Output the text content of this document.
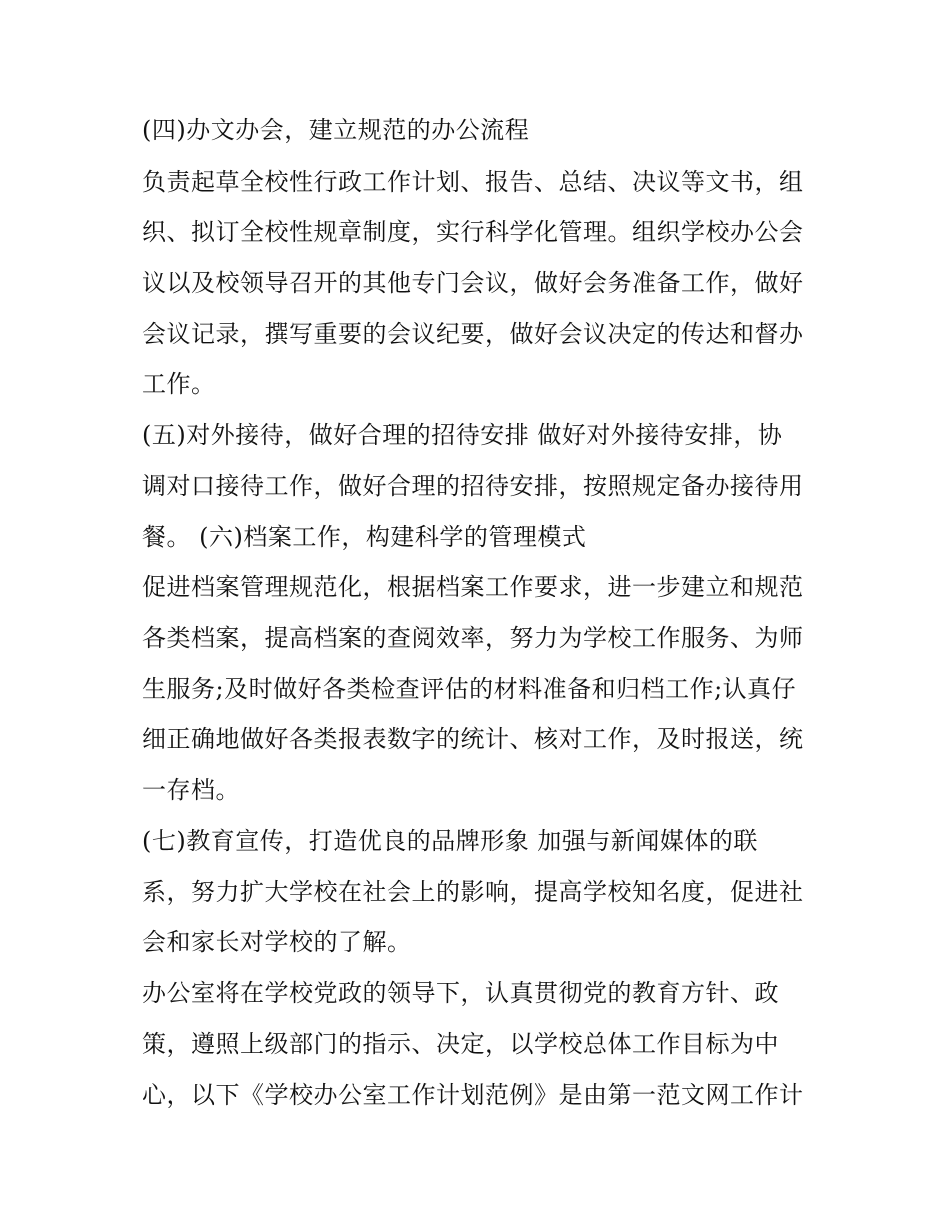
(四)办文办会，建立规范的办公流程
负责起草全校性行政工作计划、报告、总结、决议等文书，组
织、拟订全校性规章制度，实行科学化管理。组织学校办公会
议以及校领导召开的其他专门会议，做好会务准备工作，做好
会议记录，撰写重要的会议纪要，做好会议决定的传达和督办
工作。
(五)对外接待，做好合理的招待安排 做好对外接待安排，协
调对口接待工作，做好合理的招待安排，按照规定备办接待用
餐。 (六)档案工作，构建科学的管理模式
促进档案管理规范化，根据档案工作要求，进一步建立和规范
各类档案，提高档案的查阅效率，努力为学校工作服务、为师
生服务;及时做好各类检查评估的材料准备和归档工作;认真仔
细正确地做好各类报表数字的统计、核对工作，及时报送，统
一存档。
(七)教育宣传，打造优良的品牌形象 加强与新闻媒体的联
系，努力扩大学校在社会上的影响，提高学校知名度，促进社
会和家长对学校的了解。
办公室将在学校党政的领导下，认真贯彻党的教育方针、政
策，遵照上级部门的指示、决定，以学校总体工作目标为中
心，以下《学校办公室工作计划范例》是由第一范文网工作计
